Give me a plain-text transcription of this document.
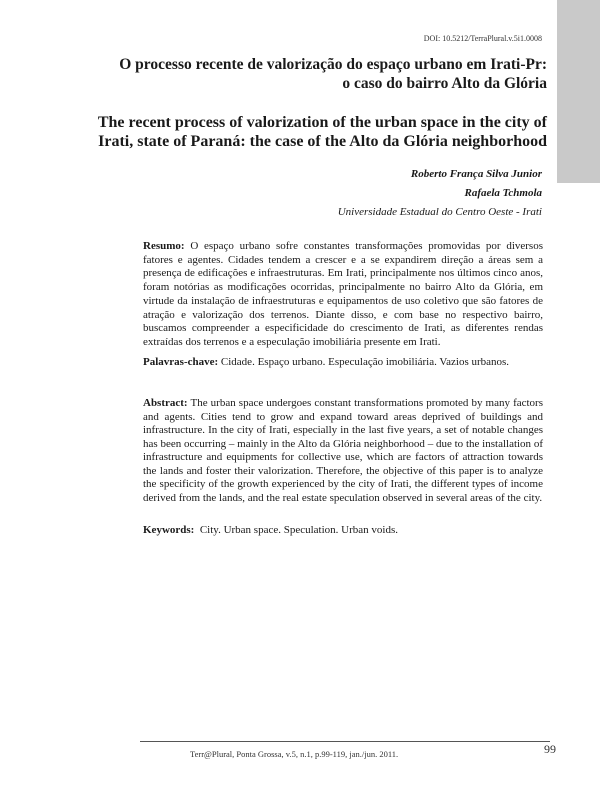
DOI: 10.5212/TerraPlural.v.5i1.0008
O processo recente de valorização do espaço urbano em Irati-Pr:
o caso do bairro Alto da Glória
The recent process of valorization of the urban space in the city of
Irati, state of Paraná: the case of the Alto da Glória neighborhood
Roberto França Silva Junior
Rafaela Tchmola
Universidade Estadual do Centro Oeste - Irati
Resumo: O espaço urbano sofre constantes transformações promovidas por diversos fatores e agentes. Cidades tendem a crescer e a se expandirem direção a áreas sem a presença de edificações e infraestruturas. Em Irati, principalmente nos últimos cinco anos, foram notórias as modificações ocorridas, principalmente no bairro Alto da Glória, em virtude da instalação de infraestruturas e equipamentos de uso coletivo que são fatores de atração e valorização dos terrenos. Diante disso, e com base no respectivo bairro, buscamos compreender a especificidade do crescimento de Irati, as diferentes rendas extraídas dos terrenos e a especulação imobiliária presente em Irati.
Palavras-chave: Cidade. Espaço urbano. Especulação imobiliária. Vazios urbanos.
Abstract: The urban space undergoes constant transformations promoted by many factors and agents. Cities tend to grow and expand toward areas deprived of buildings and infrastructure. In the city of Irati, especially in the last five years, a set of notable changes has been occurring – mainly in the Alto da Glória neighborhood – due to the installation of infrastructure and equipments for collective use, which are factors of attraction towards the lands and foster their valorization. Therefore, the objective of this paper is to analyze the specificity of the growth experienced by the city of Irati, the different types of income derived from the lands, and the real estate speculation observed in several areas of the city.
Keywords: City. Urban space. Speculation. Urban voids.
Terr@Plural, Ponta Grossa, v.5, n.1, p.99-119, jan./jun. 2011.	99
